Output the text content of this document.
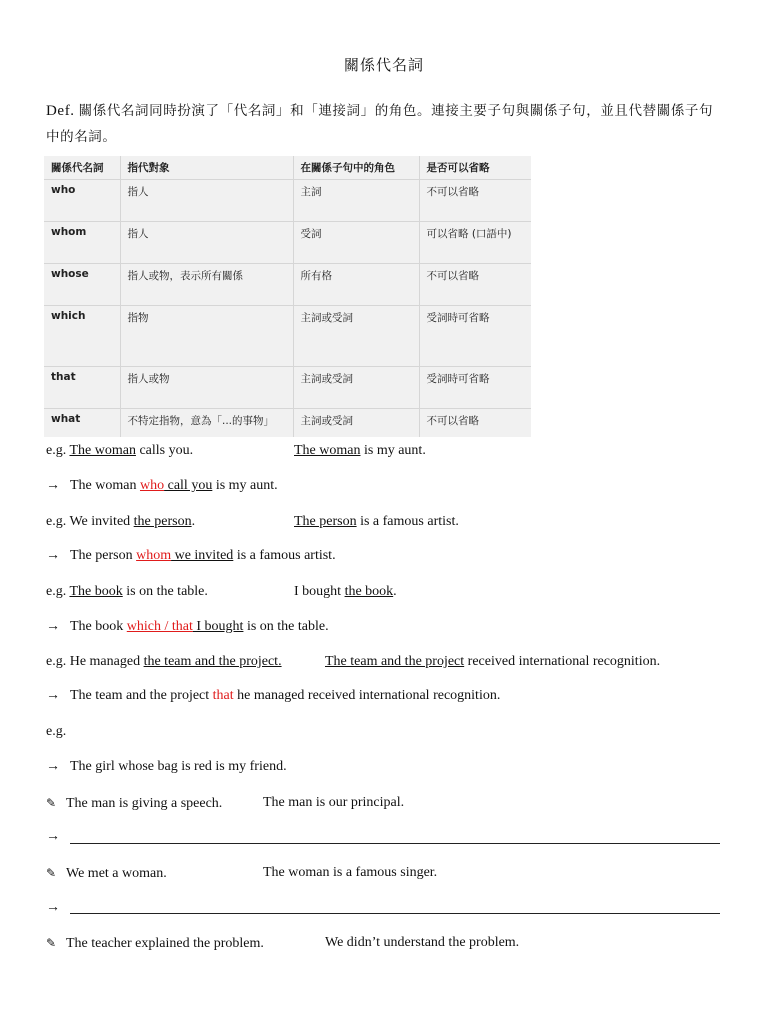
關係代名詞
Def. 關係代名詞同時扮演了「代名詞」和「連接詞」的角色。連接主要子句與關係子句，並且代替關係子句中的名詞。
關係代名詞	指代對象	在關係子句中的角色	是否可以省略
who	指人	主詞	不可以省略
whom	指人	受詞	可以省略 (口語中)
whose	指人或物，表示所有關係	所有格	不可以省略
which	指物	主詞或受詞	受詞時可省略
that	指人或物	主詞或受詞	受詞時可省略
what	不特定指物，意為「...的事物」	主詞或受詞	不可以省略
e.g. The woman calls you.	The woman is my aunt.
→ The woman who call you is my aunt.
e.g. We invited the person.	The person is a famous artist.
→ The person whom we invited is a famous artist.
e.g. The book is on the table.	I bought the book.
→ The book which / that I bought is on the table.
e.g. He managed the team and the project.	The team and the project received international recognition.
→ The team and the project that he managed received international recognition.
e.g.
→ The girl whose bag is red is my friend.
✎ The man is giving a speech.	The man is our principal.
→
✎ We met a woman.	The woman is a famous singer.
→
✎ The teacher explained the problem.	We didn’t understand the problem.
